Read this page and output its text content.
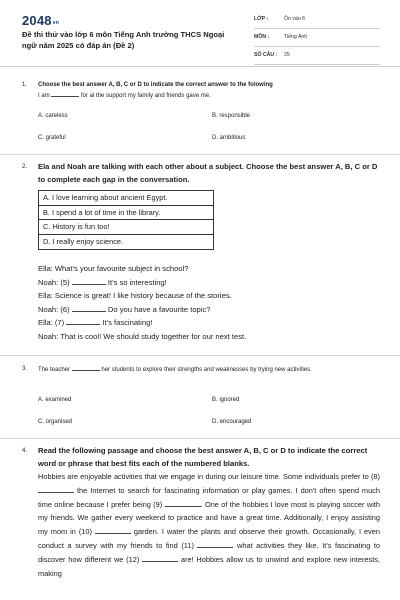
$2048^{vn}$
Đề thi thử vào lớp 6 môn Tiếng Anh trường THCS Ngoại ngữ năm 2025 có đáp án (Đề 2)
LỚP :	Ôn vào 6
MÔN :	Tiếng Anh
SỐ CÂU : 25
1. Choose the best answer A, B, C or D to indicate the correct answer to the folowing
I am	for al the support my family and friends gave me.
A. careless	B. responsible
C. grateful	D. ambitious
2. Ela and Noah are talking with each other about a subject. Choose the best answer A, B, C or D to complete each gap in the conversation.
A. I love learning about ancient Egypt.
B. I spend a lot of time in the library.
C. History is fun too!
D. I really enjoy science.
Ella: What's your favourite subject in school?
Noah: (5)	It's so interesting!
Ella: Science is great! I like history because of the stories.
Noah: (6)	Do you have a favourite topic?
Ella: (7)	It's fascinating!
Noah: That is cool! We should study together for our next test.
3. The teacher	her students to explore their strengths and weaknesses by trying new activities.
A. examined	B. ignored
C. organised	D. encouraged
4. Read the following passage and choose the best answer A, B, C or D to indicate the correct word or phrase that best fits each of the numbered blanks.
Hobbies are enjoyable activities that we engage in during our leisure time. Some individuals prefer to (8)  the Internet to search for fascinating information or play games. I don't often spend much time online because I prefer being (9)	. One of the hobbies I love most is playing soccer with my friends. We gather every weekend to practice and have a great time. Additionally, I enjoy assisting my mom in (10)	garden. I water the plants and observe their growth. Occasionally, I even conduct a survey with my friends to find (11)	what activities they like. It's fascinating to discover how different we (12)	are! Hobbies allow us to unwind and explore new interests, making
